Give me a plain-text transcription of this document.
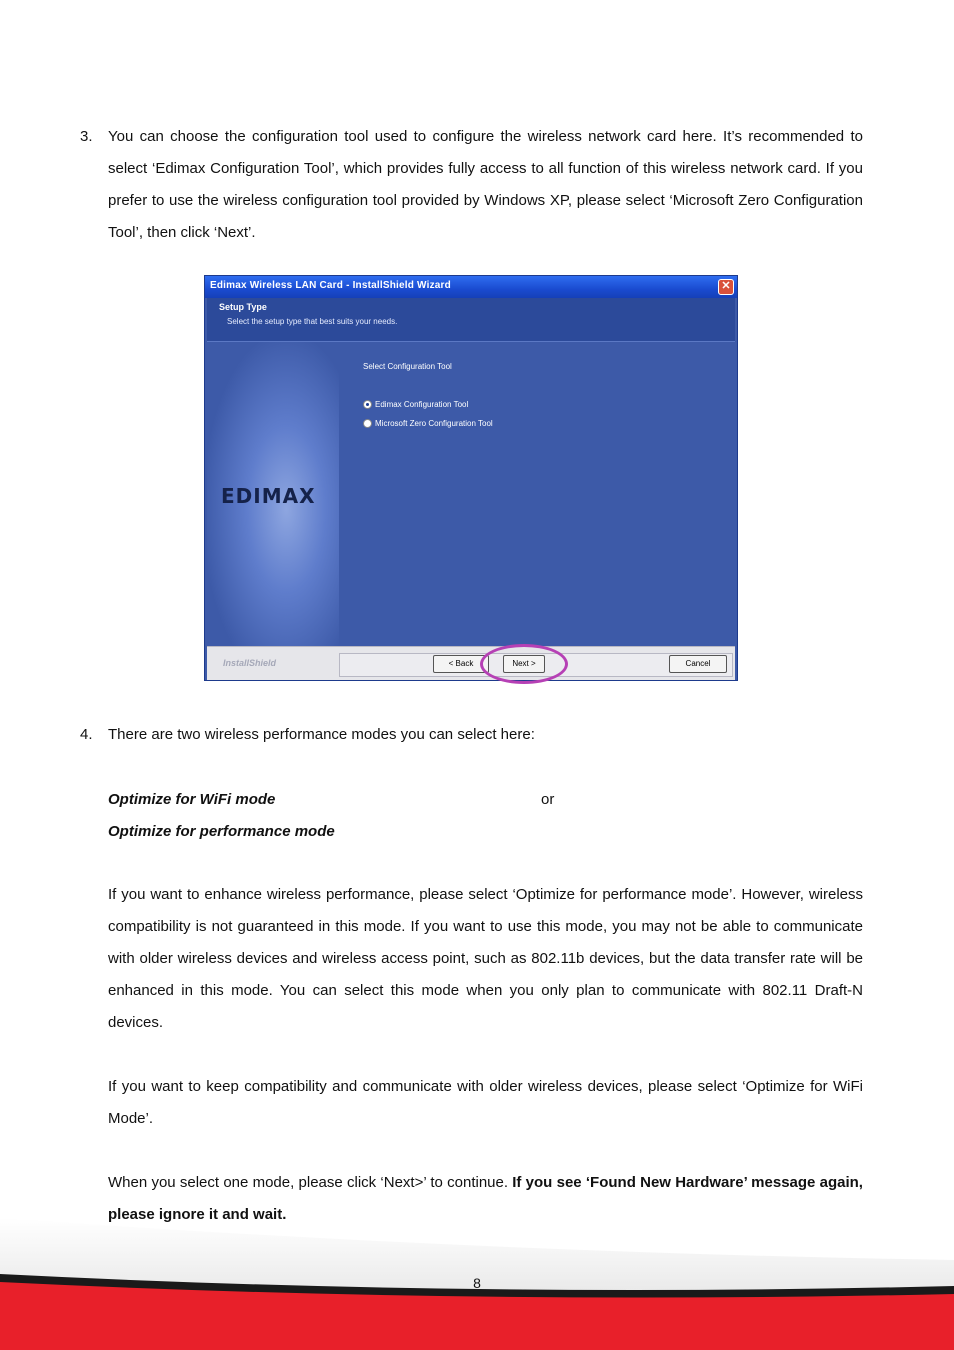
3. You can choose the configuration tool used to configure the wireless network card here. It’s recommended to select ‘Edimax Configuration Tool’, which provides fully access to all function of this wireless network card. If you prefer to use the wireless configuration tool provided by Windows XP, please select ‘Microsoft Zero Configuration Tool’, then click ‘Next’.

Edimax Wireless LAN Card - InstallShield Wizard	✕
Setup Type
Select the setup type that best suits your needs.
EDIMAX
Select Configuration Tool
Edimax Configuration Tool
Microsoft Zero Configuration Tool
InstallShield	< Back	Next >	Cancel
4. There are two wireless performance modes you can select here:

Optimize for WiFi mode	or
Optimize for performance mode

If you want to enhance wireless performance, please select ‘Optimize for performance mode’. However, wireless compatibility is not guaranteed in this mode. If you want to use this mode, you may not be able to communicate with older wireless devices and wireless access point, such as 802.11b devices, but the data transfer rate will be enhanced in this mode. You can select this mode when you only plan to communicate with 802.11 Draft-N devices.

If you want to keep compatibility and communicate with older wireless devices, please select ‘Optimize for WiFi Mode’.

When you select one mode, please click ‘Next>’ to continue. If you see ‘Found New Hardware’ message again, please ignore it and wait.

8
